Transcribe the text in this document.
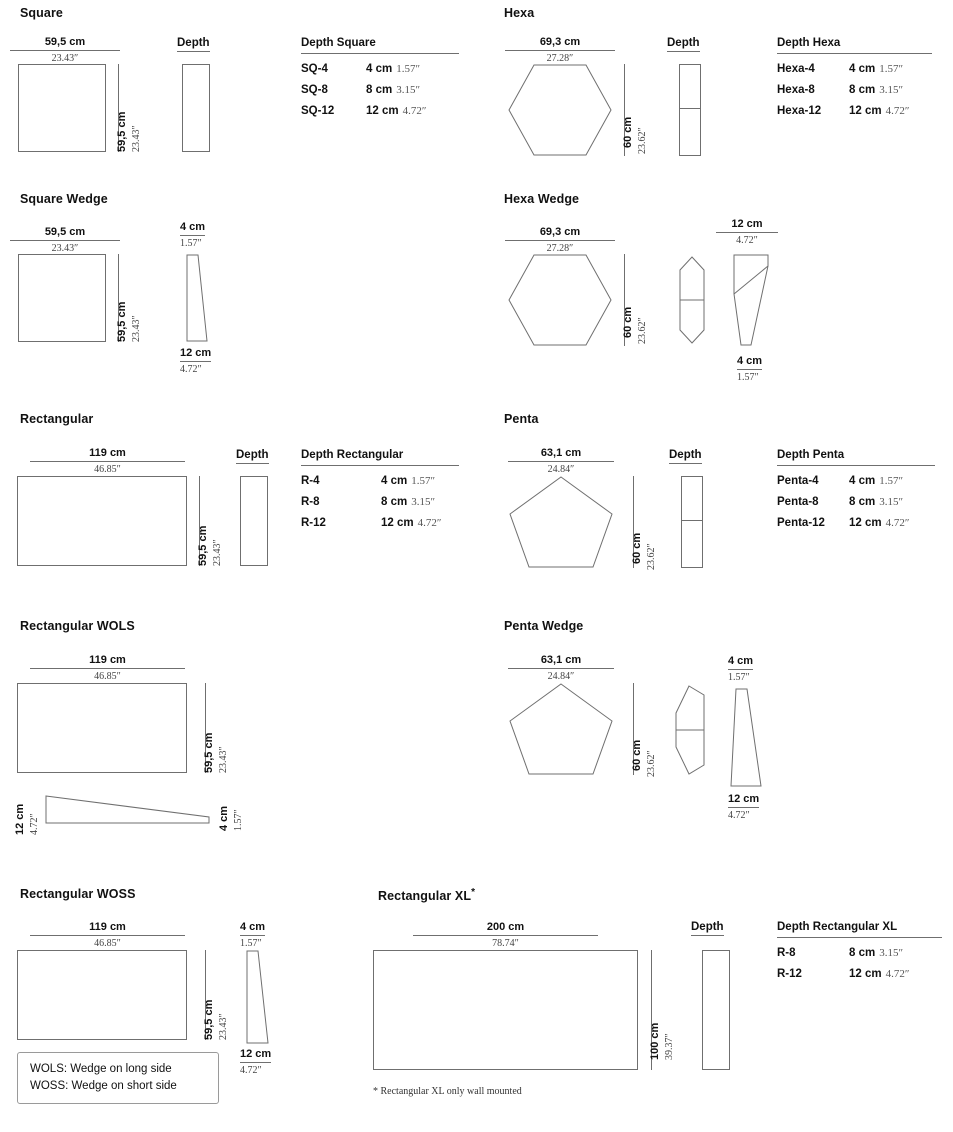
Square
59,5 cm
23.43″
59,5 cm 23.43″
Depth	Depth Square
SQ-4	4 cm 1.57″
SQ-8	8 cm 3.15″
SQ-12	12 cm 4.72″
Hexa
69,3 cm
27.28″
60 cm 23.62″
Depth	Depth Hexa
Hexa-4	4 cm 1.57″
Hexa-8	8 cm 3.15″
Hexa-12	12 cm 4.72″
Square Wedge
59,5 cm
23.43″
59,5 cm 23.43″
4 cm
1.57″
12 cm
4.72″
Hexa Wedge
69,3 cm
27.28″
60 cm 23.62″
12 cm
4.72″
4 cm
1.57″
Rectangular
119 cm
46.85″
59,5 cm 23.43″
Depth	Depth Rectangular
R-4	4 cm 1.57″
R-8	8 cm 3.15″
R-12	12 cm 4.72″
Penta
63,1 cm
24.84″
60 cm 23.62″
Depth	Depth Penta
Penta-4	4 cm 1.57″
Penta-8	8 cm 3.15″
Penta-12	12 cm 4.72″
Rectangular WOLS
119 cm
46.85″
59,5 cm 23.43″
12 cm 4.72″	4 cm 1.57″
Penta Wedge
63,1 cm
24.84″
60 cm 23.62″
4 cm
1.57″
12 cm
4.72″
Rectangular WOSS
119 cm
46.85″
59,5 cm 23.43″
4 cm
1.57″
12 cm
4.72″
WOLS: Wedge on long side
WOSS: Wedge on short side
Rectangular XL*
200 cm
78.74″
100 cm 39.37″
Depth	Depth Rectangular XL
R-8	8 cm 3.15″
R-12	12 cm 4.72″
* Rectangular XL only wall mounted
